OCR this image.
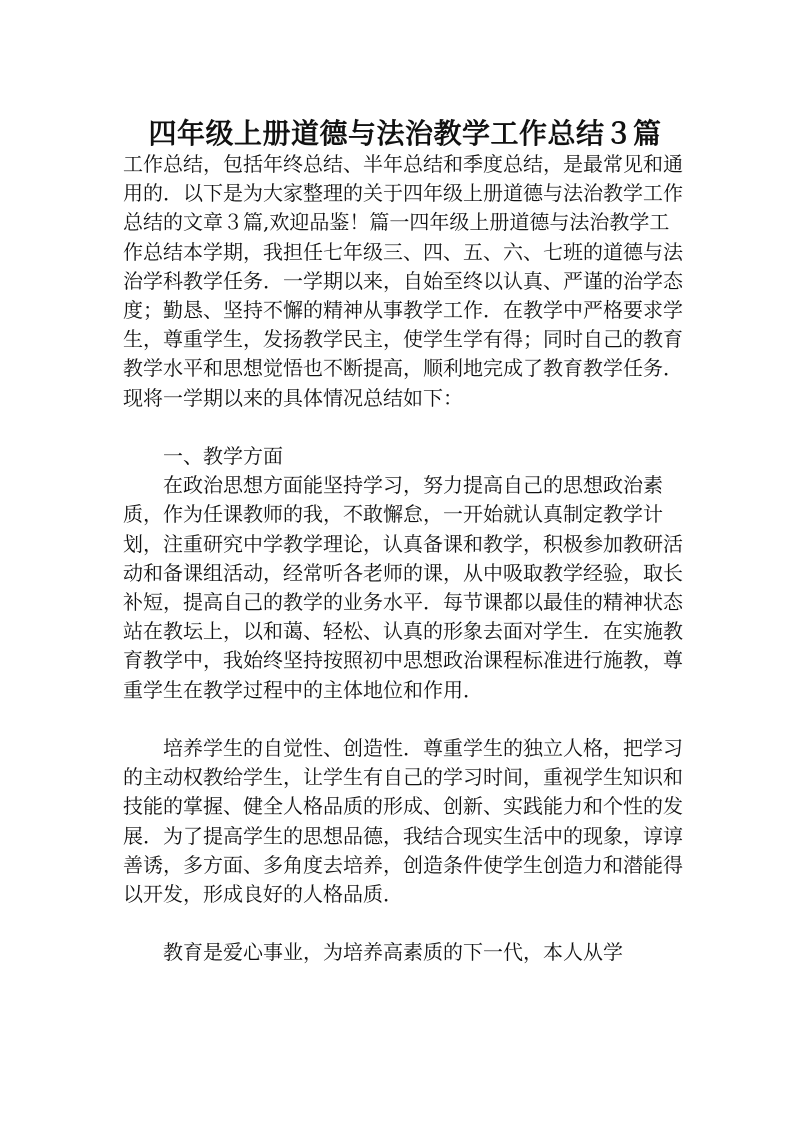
四年级上册道德与法治教学工作总结３篇

工作总结，包括年终总结、半年总结和季度总结，是最常见和通用的．以下是为大家整理的关于四年级上册道德与法治教学工作总结的文章３篇,欢迎品鉴！篇一四年级上册道德与法治教学工作总结本学期，我担任七年级三、四、五、六、七班的道德与法治学科教学任务．一学期以来，自始至终以认真、严谨的治学态度；勤恳、坚持不懈的精神从事教学工作．在教学中严格要求学生，尊重学生，发扬教学民主，使学生学有得；同时自己的教育教学水平和思想觉悟也不断提高，顺利地完成了教育教学任务．现将一学期以来的具体情况总结如下：

一、教学方面

在政治思想方面能坚持学习，努力提高自己的思想政治素质，作为任课教师的我，不敢懈怠，一开始就认真制定教学计划，注重研究中学教学理论，认真备课和教学，积极参加教研活动和备课组活动，经常听各老师的课，从中吸取教学经验，取长补短，提高自己的教学的业务水平．每节课都以最佳的精神状态站在教坛上，以和蔼、轻松、认真的形象去面对学生．在实施教育教学中，我始终坚持按照初中思想政治课程标准进行施教，尊重学生在教学过程中的主体地位和作用．

培养学生的自觉性、创造性．尊重学生的独立人格，把学习的主动权教给学生，让学生有自己的学习时间，重视学生知识和技能的掌握、健全人格品质的形成、创新、实践能力和个性的发展．为了提高学生的思想品德，我结合现实生活中的现象，谆谆善诱，多方面、多角度去培养，创造条件使学生创造力和潜能得以开发，形成良好的人格品质．

教育是爱心事业，为培养高素质的下一代，本人从学
